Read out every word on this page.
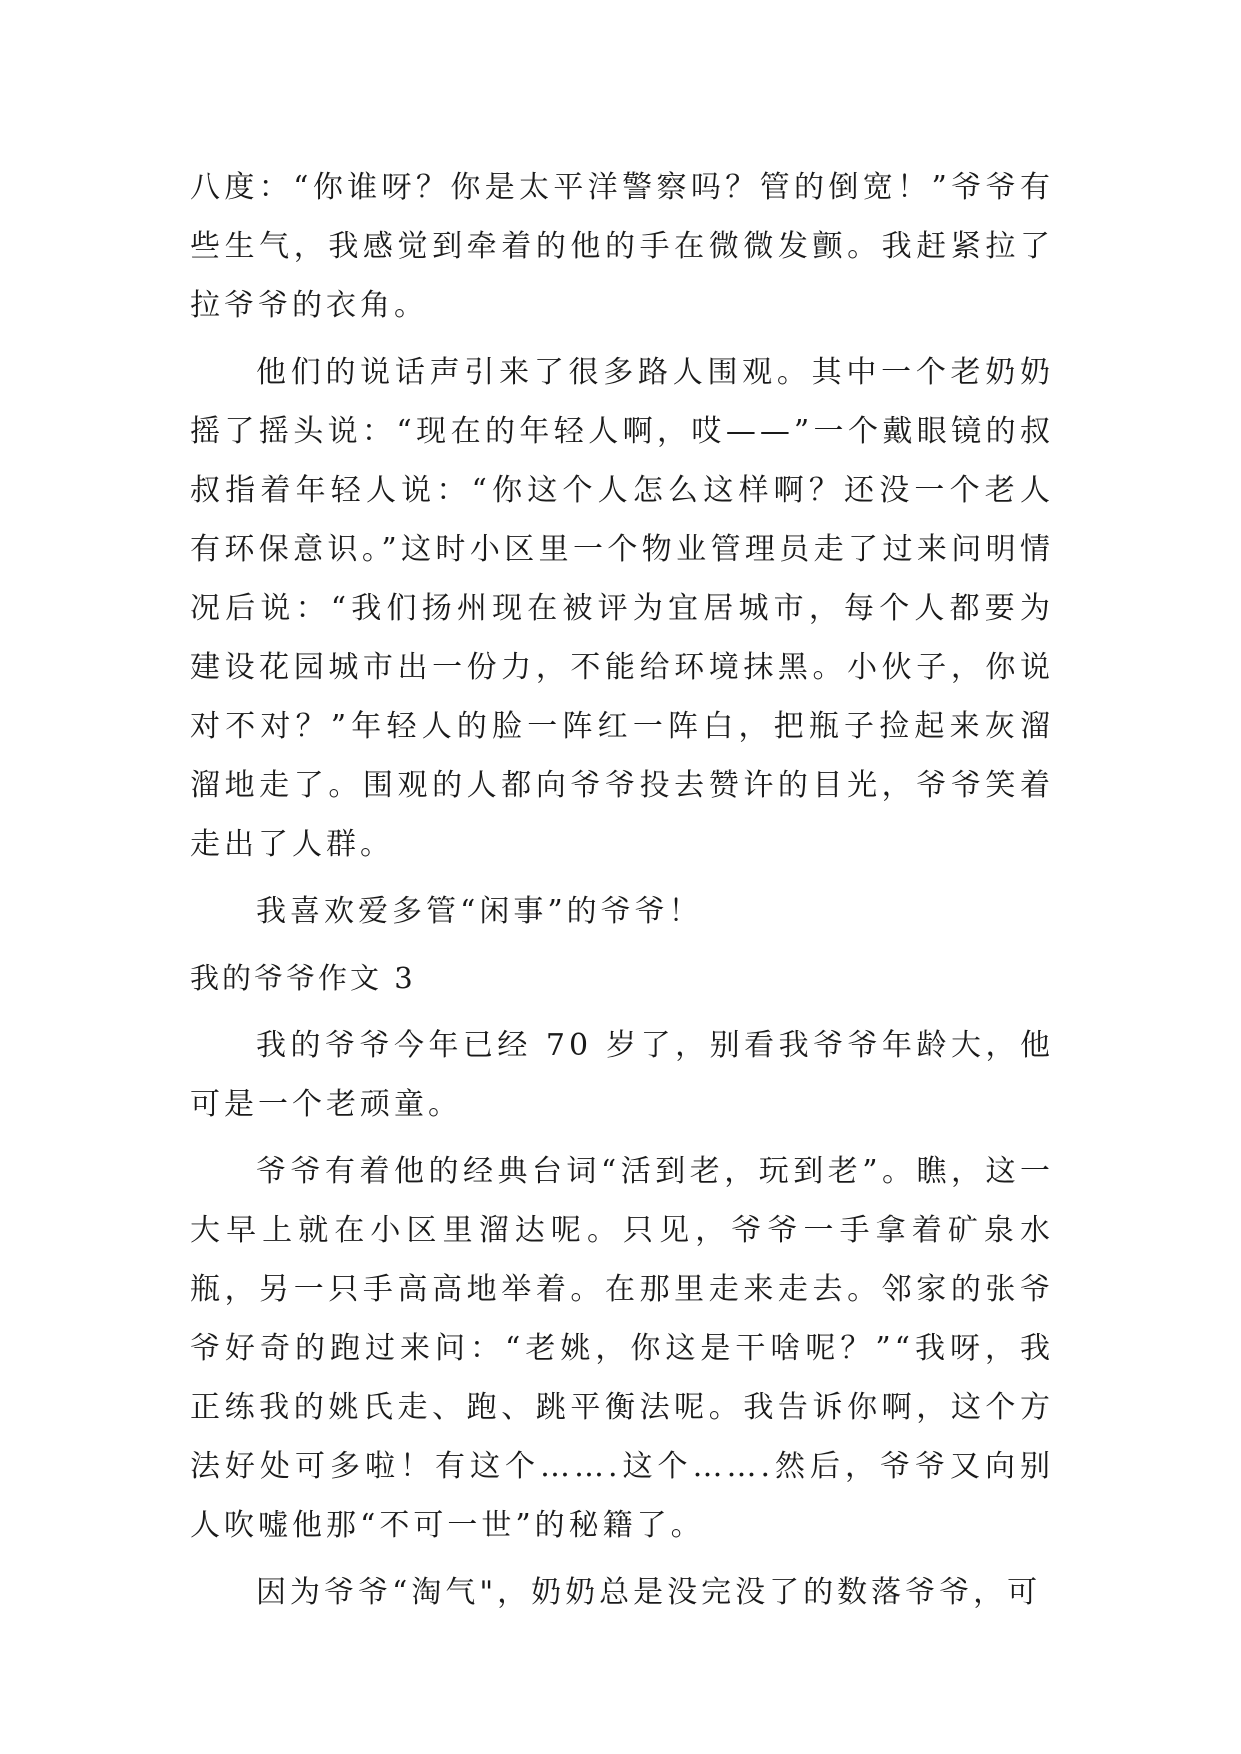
八度：“你谁呀？你是太平洋警察吗？管的倒宽！”爷爷有些生气，我感觉到牵着的他的手在微微发颤。我赶紧拉了拉爷爷的衣角。

他们的说话声引来了很多路人围观。其中一个老奶奶摇了摇头说：“现在的年轻人啊，哎——”一个戴眼镜的叔叔指着年轻人说：“你这个人怎么这样啊？还没一个老人有环保意识。”这时小区里一个物业管理员走了过来问明情况后说：“我们扬州现在被评为宜居城市，每个人都要为建设花园城市出一份力，不能给环境抹黑。小伙子，你说对不对？”年轻人的脸一阵红一阵白，把瓶子捡起来灰溜溜地走了。围观的人都向爷爷投去赞许的目光，爷爷笑着走出了人群。

我喜欢爱多管“闲事”的爷爷！

我的爷爷作文 3

我的爷爷今年已经 70 岁了，别看我爷爷年龄大，他可是一个老顽童。

爷爷有着他的经典台词“活到老，玩到老”。瞧，这一大早上就在小区里溜达呢。只见，爷爷一手拿着矿泉水瓶，另一只手高高地举着。在那里走来走去。邻家的张爷爷好奇的跑过来问：“老姚，你这是干啥呢？”“我呀，我正练我的姚氏走、跑、跳平衡法呢。我告诉你啊，这个方法好处可多啦！有这个…….这个…….然后，爷爷又向别人吹嘘他那“不可一世”的秘籍了。

因为爷爷“淘气"，奶奶总是没完没了的数落爷爷，可
